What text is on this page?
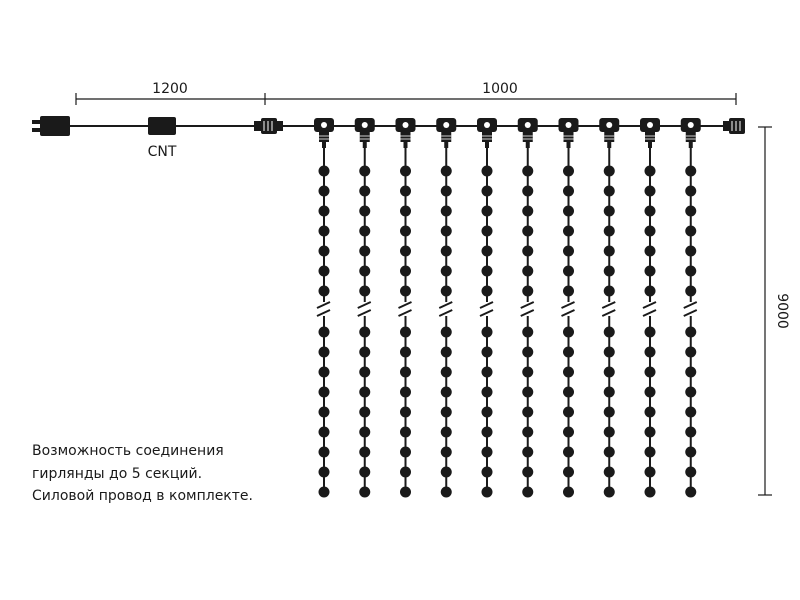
1200	1000
9000
CNT
Возможность соединения
гирлянды до 5 секций.
Силовой провод в комплекте.
